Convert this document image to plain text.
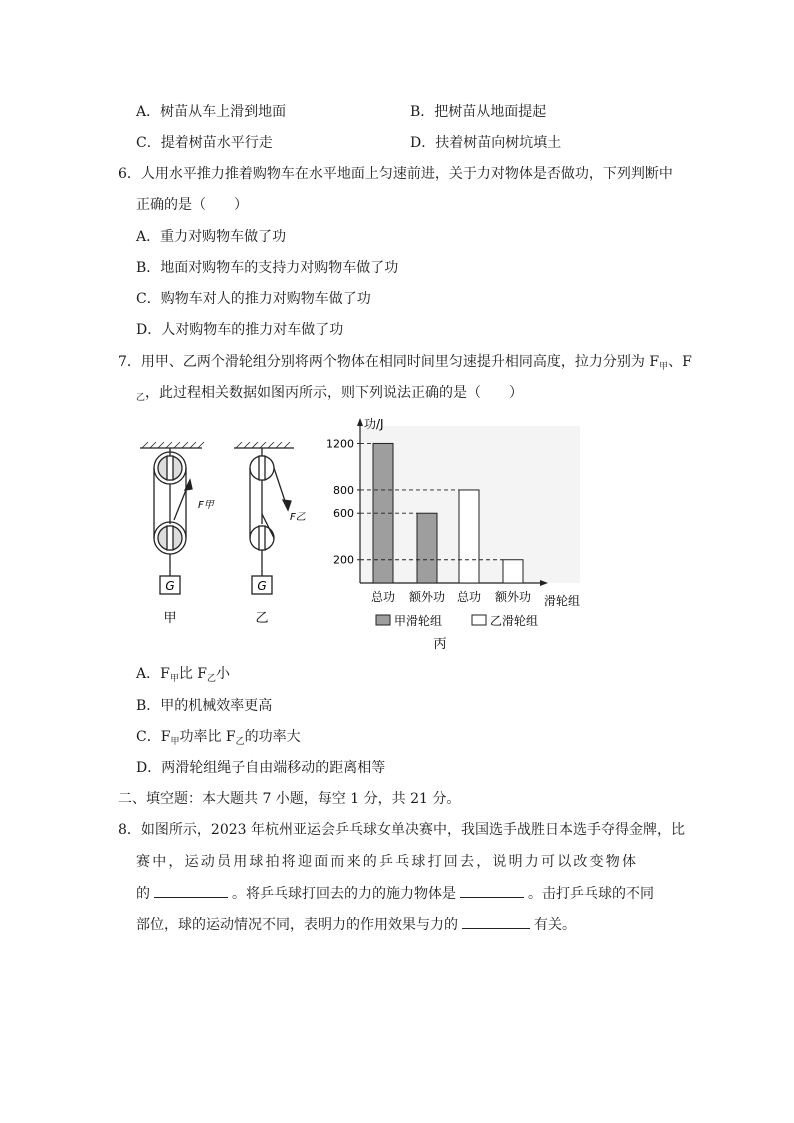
A．树苗从车上滑到地面	B．把树苗从地面提起
C．提着树苗水平行走	D．扶着树苗向树坑填土
6．人用水平推力推着购物车在水平地面上匀速前进，关于力对物体是否做功，下列判断中
正确的是（　　）
A．重力对购物车做了功
B．地面对购物车的支持力对购物车做了功
C．购物车对人的推力对购物车做了功
D．人对购物车的推力对车做了功
7．用甲、乙两个滑轮组分别将两个物体在相同时间里匀速提升相同高度，拉力分别为 $F_甲$、F
$_乙$，此过程相关数据如图丙所示，则下列说法正确的是（　　）
G
F甲
甲
G
F乙
乙
功/J
滑轮组
200
600
800
1200
总功 额外功 总功 额外功
甲滑轮组	乙滑轮组
丙
A．$F_甲$比 $F_乙$小
B．甲的机械效率更高
C．$F_甲$功率比 $F_乙$的功率大
D．两滑轮组绳子自由端移动的距离相等
二、填空题：本大题共 7 小题，每空 1 分，共 21 分。
8．如图所示，2023 年杭州亚运会乒乓球女单决赛中，我国选手战胜日本选手夺得金牌，比
赛中，运动员用球拍将迎面而来的乒乓球打回去，说明力可以改变物体
的	。将乒乓球打回去的力的施力物体是	。击打乒乓球的不同
部位，球的运动情况不同，表明力的作用效果与力的	有关。
